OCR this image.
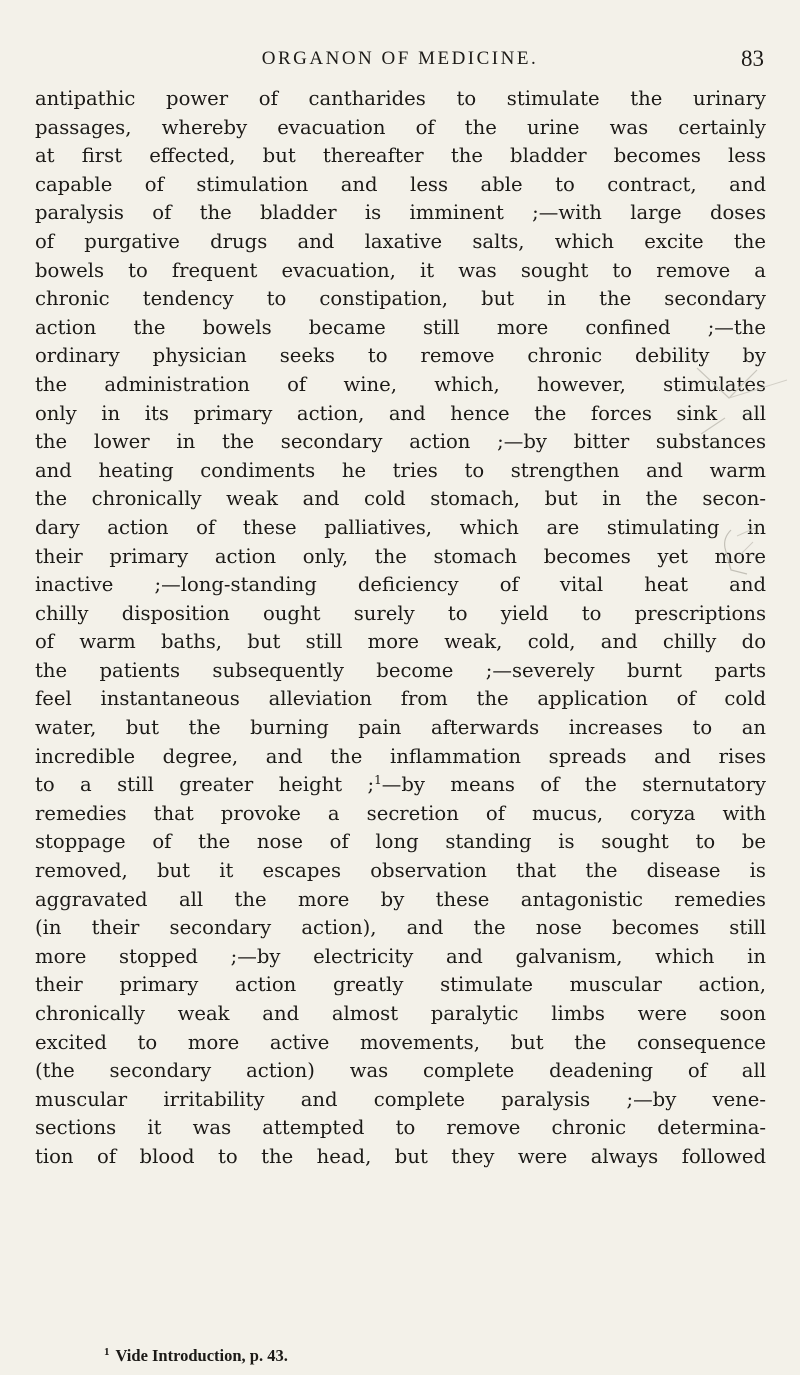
ORGANON OF MEDICINE.	83
antipathic power of cantharides to stimulate the urinary
passages, whereby evacuation of the urine was certainly
at first effected, but thereafter the bladder becomes less
capable of stimulation and less able to contract, and
paralysis of the bladder is imminent ;—with large doses
of purgative drugs and laxative salts, which excite the
bowels to frequent evacuation, it was sought to remove a
chronic tendency to constipation, but in the secondary
action the bowels became still more confined ;—the
ordinary physician seeks to remove chronic debility by
the administration of wine, which, however, stimulates
only in its primary action, and hence the forces sink all
the lower in the secondary action ;—by bitter substances
and heating condiments he tries to strengthen and warm
the chronically weak and cold stomach, but in the secon-
dary action of these palliatives, which are stimulating in
their primary action only, the stomach becomes yet more
inactive ;—long-standing deficiency of vital heat and
chilly disposition ought surely to yield to prescriptions
of warm baths, but still more weak, cold, and chilly do
the patients subsequently become ;—severely burnt parts
feel instantaneous alleviation from the application of cold
water, but the burning pain afterwards increases to an
incredible degree, and the inflammation spreads and rises
to a still greater height ;$^1$—by means of the sternutatory
remedies that provoke a secretion of mucus, coryza with
stoppage of the nose of long standing is sought to be
removed, but it escapes observation that the disease is
aggravated all the more by these antagonistic remedies
(in their secondary action), and the nose becomes still
more stopped ;—by electricity and galvanism, which in
their primary action greatly stimulate muscular action,
chronically weak and almost paralytic limbs were soon
excited to more active movements, but the consequence
(the secondary action) was complete deadening of all
muscular irritability and complete paralysis ;—by vene-
sections it was attempted to remove chronic determina-
tion of blood to the head, but they were always followed
$^1$ Vide Introduction, p. 43.
